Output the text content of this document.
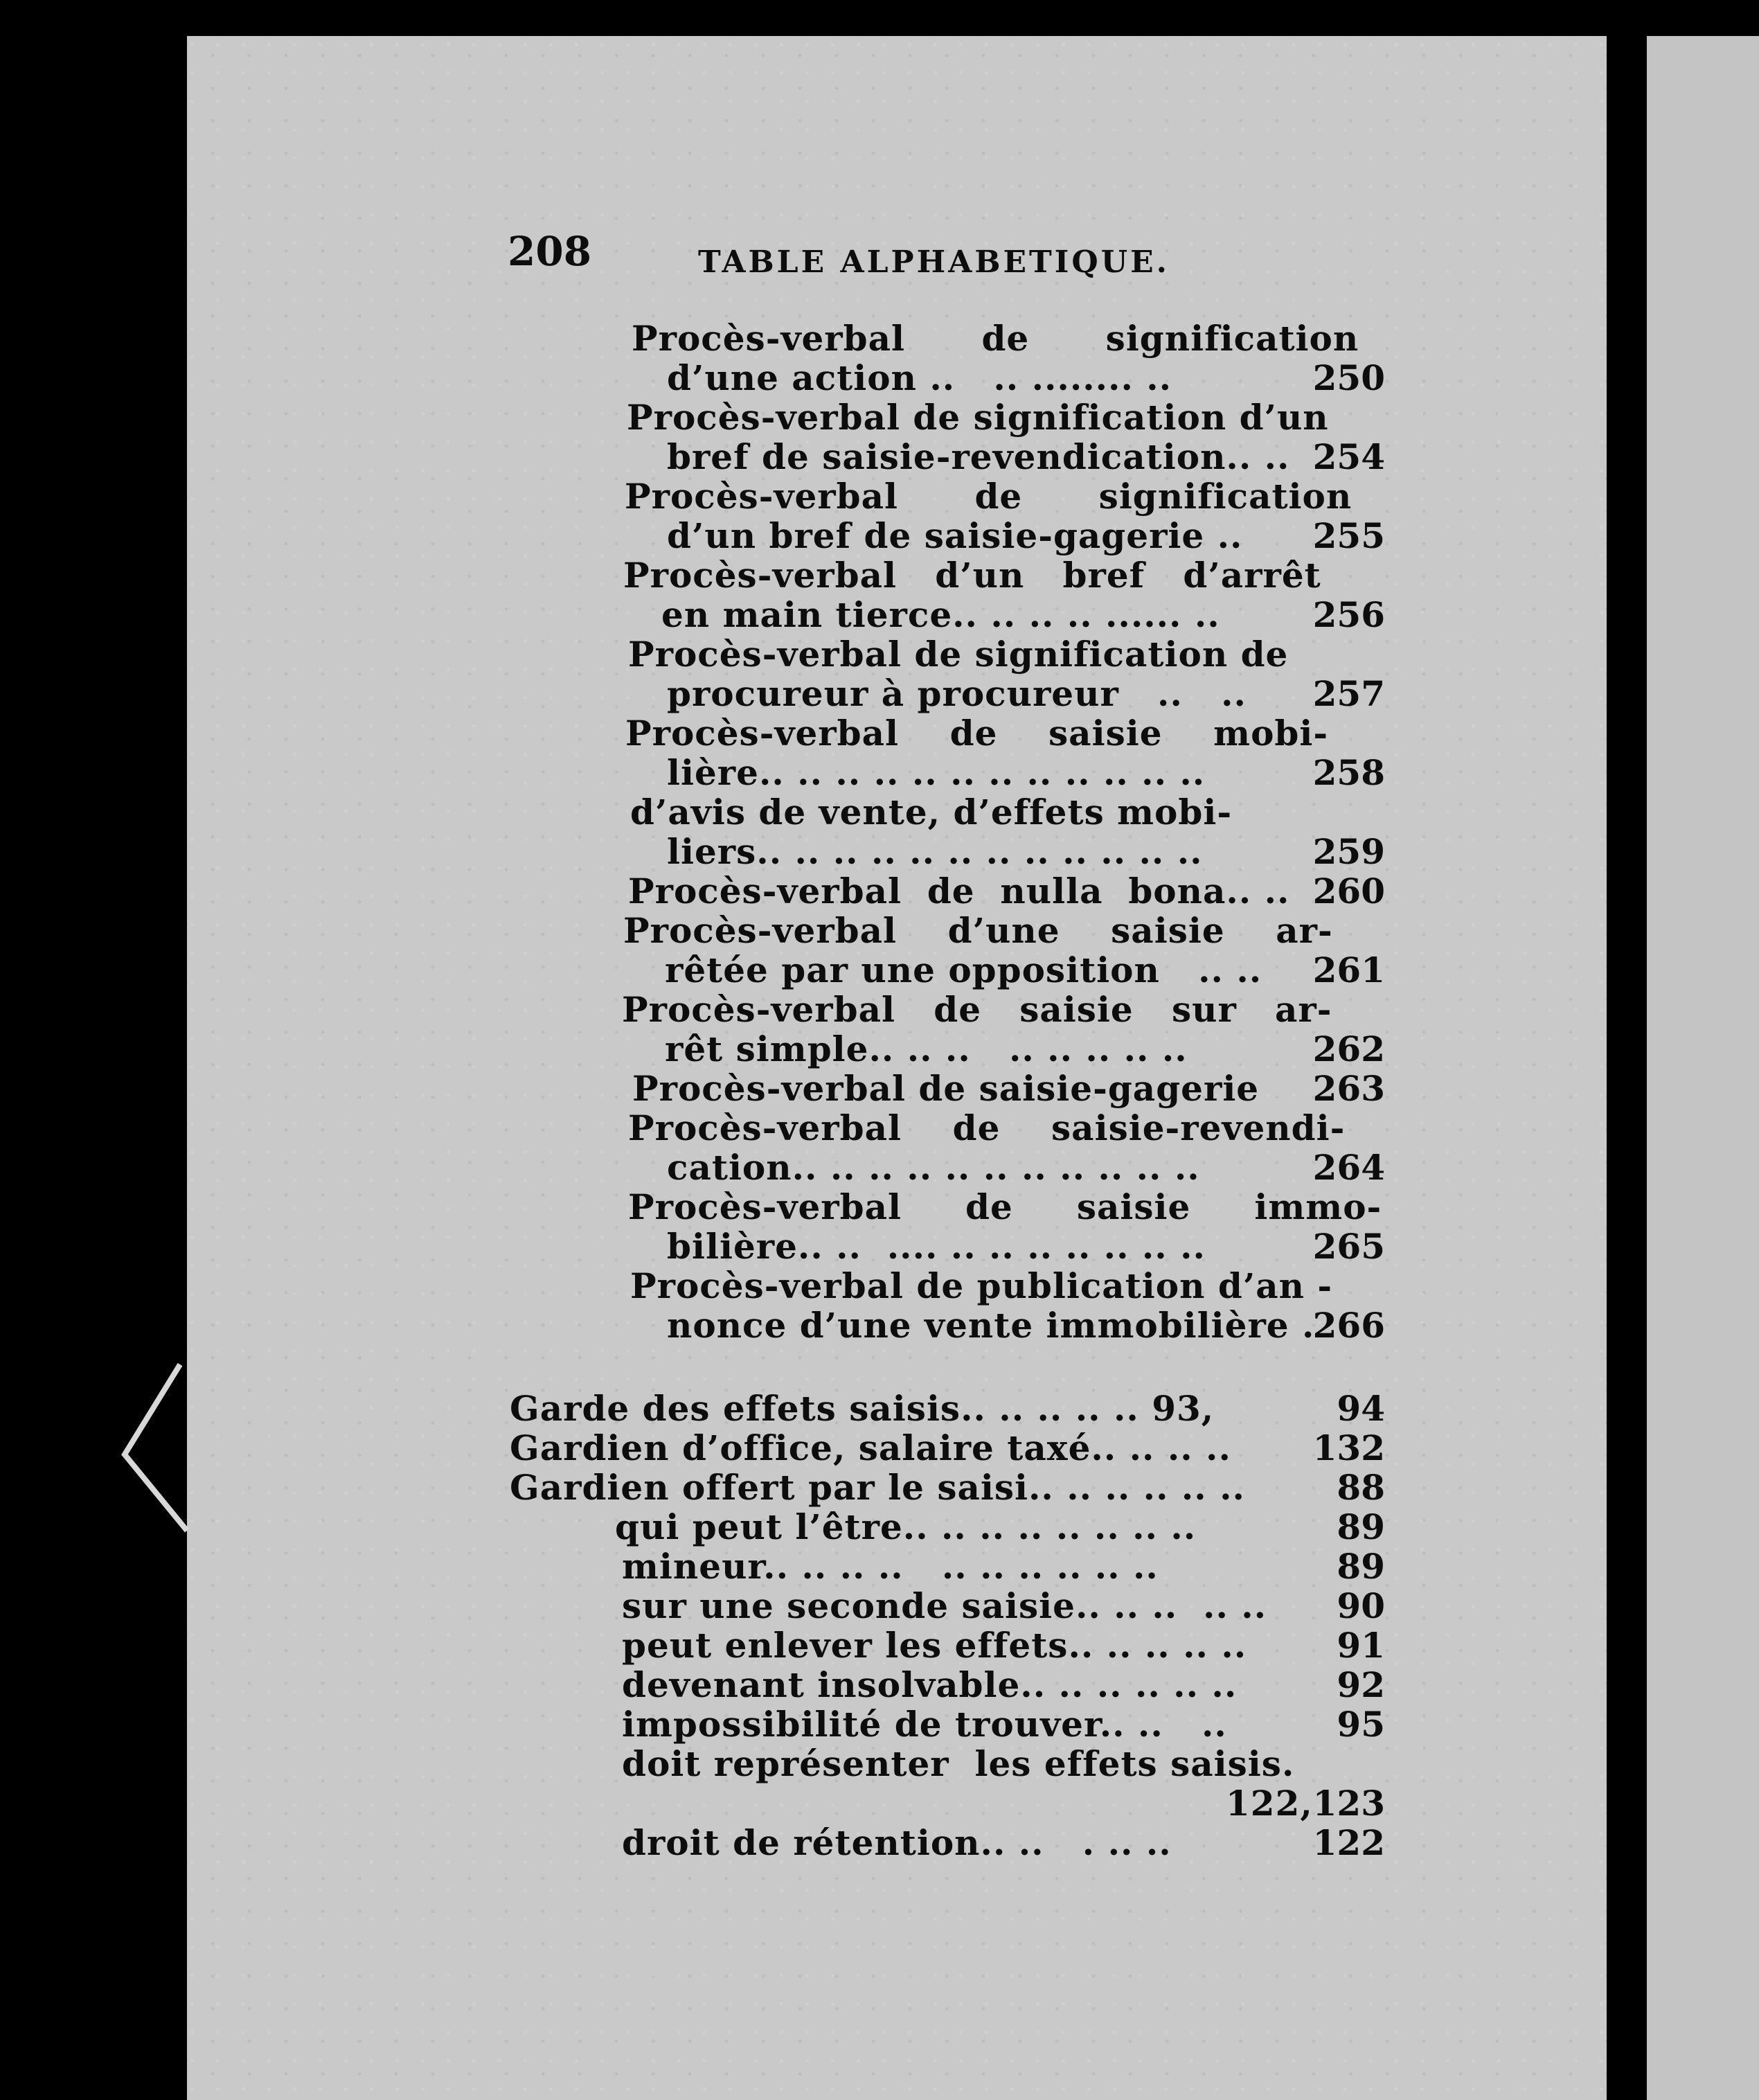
208	TABLE ALPHABETIQUE.
Procès-verbal      de      signification
d’une action ..   .. ........ ..	250
Procès-verbal de signification d’un
bref de saisie-revendication.. .. 254
Procès-verbal      de      signification
d’un bref de saisie-gagerie .. 255
Procès-verbal   d’un   bref   d’arrêt
en main tierce.. .. .. .. ...... ..	256
Procès-verbal de signification de
procureur à procureur   ..   .. 257
Procès-verbal    de    saisie    mobi-
lière.. .. .. .. .. .. .. .. .. .. .. ..	258
d’avis de vente, d’effets mobi-
liers.. .. .. .. .. .. .. .. .. .. .. ..	259
Procès-verbal  de  nulla  bona.. .. 260
Procès-verbal    d’une    saisie    ar-
rêtée par une opposition   .. .. 261
Procès-verbal   de   saisie   sur   ar-
rêt simple.. .. ..   .. .. .. .. ..	262
Procès-verbal de saisie-gagerie 263
Procès-verbal    de    saisie-revendi-
cation.. .. .. .. .. .. .. .. .. .. ..	264
Procès-verbal     de     saisie     immo-
bilière.. ..  .... .. .. .. .. .. .. ..	265
Procès-verbal de publication d’an -
nonce d’une vente immobilière .
266
Garde des effets saisis.. .. .. .. .. 93,	94
Gardien d’office, salaire taxé.. .. .. .. 132
Gardien offert par le saisi.. .. .. .. .. ..	88
qui peut l’être.. .. .. .. .. .. .. ..	89
mineur.. .. .. ..   .. .. .. .. .. ..	89
sur une seconde saisie.. .. ..  .. ..	90
peut enlever les effets.. .. .. .. ..	91
devenant insolvable.. .. .. .. .. ..	92
impossibilité de trouver.. ..   ..	95
doit représenter  les effets saisis.
122, 123
droit de rétention.. ..   . .. ..	122
